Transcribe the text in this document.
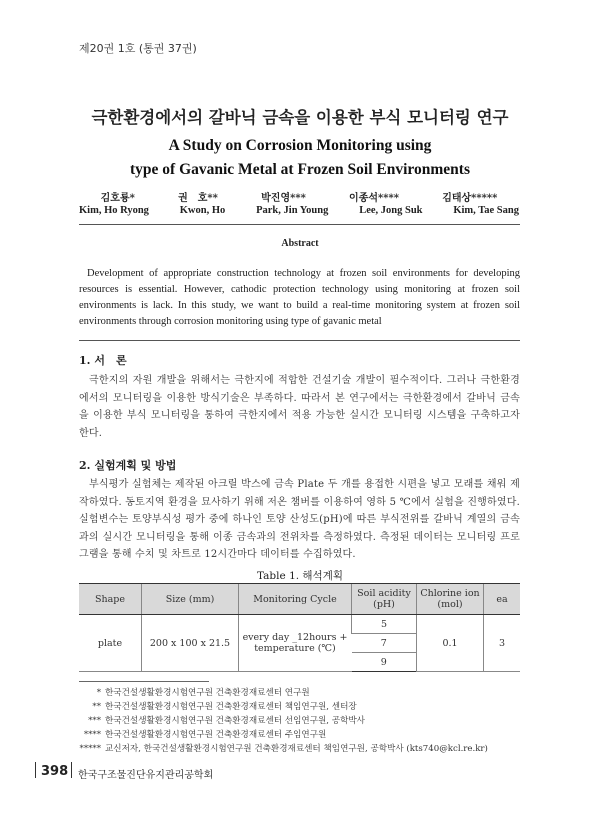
제20권 1호 (통권 37권)
극한환경에서의 갈바닉 금속을 이용한 부식 모니터링 연구
A Study on Corrosion Monitoring using
type of Gavanic Metal at Frozen Soil Environments
김호룡*	권　호**	박진영***	이종석****	김태상*****
Kim, Ho Ryong	Kwon, Ho	Park, Jin Young	Lee, Jong Suk	Kim, Tae Sang
Abstract
Development of appropriate construction technology at frozen soil environments for developing resources is essential. However, cathodic protection technology using monitoring at frozen soil environments is lack. In this study, we want to build a real-time monitoring system at frozen soil environments through corrosion monitoring using type of gavanic metal
1. 서　론
극한지의 자원 개발을 위해서는 극한지에 적합한 건설기술 개발이 필수적이다. 그러나 극한환경에서의 모니터링을 이용한 방식기술은 부족하다. 따라서 본 연구에서는 극한환경에서 갈바닉 금속을 이용한 부식 모니터링을 통하여 극한지에서 적용 가능한 실시간 모니터링 시스템을 구축하고자 한다.
2. 실험계획 및 방법
부식평가 실험체는 제작된 아크릴 박스에 금속 Plate 두 개를 용접한 시편을 넣고 모래를 채워 제작하였다. 동토지역 환경을 묘사하기 위해 저온 챔버를 이용하여 영하 5 ℃에서 실험을 진행하였다. 실험변수는 토양부식성 평가 중에 하나인 토양 산성도(pH)에 따른 부식전위를 갈바닉 계열의 금속과의 실시간 모니터링을 통해 이종 금속과의 전위차를 측정하였다. 측정된 데이터는 모니터링 프로그램을 통해 수치 및 차트로 12시간마다 데이터를 수집하였다.
Table 1. 해석계획
Shape	Size (mm)	Monitoring Cycle	Soil acidity (pH)	Chlorine ion (mol)	ea
plate	200 x 100 x 21.5	every day _12hours + temperature (℃)	5	0.1	3
			7		
			9		
* 한국건설생활환경시험연구원 건축환경재료센터 연구원
** 한국건설생활환경시험연구원 건축환경재료센터 책임연구원, 센터장
*** 한국건설생활환경시험연구원 건축환경재료센터 선임연구원, 공학박사
**** 한국건설생활환경시험연구원 건축환경재료센터 주임연구원
***** 교신저자, 한국건설생활환경시험연구원 건축환경재료센터 책임연구원, 공학박사 (kts740@kcl.re.kr)
398 한국구조물진단유지관리공학회
